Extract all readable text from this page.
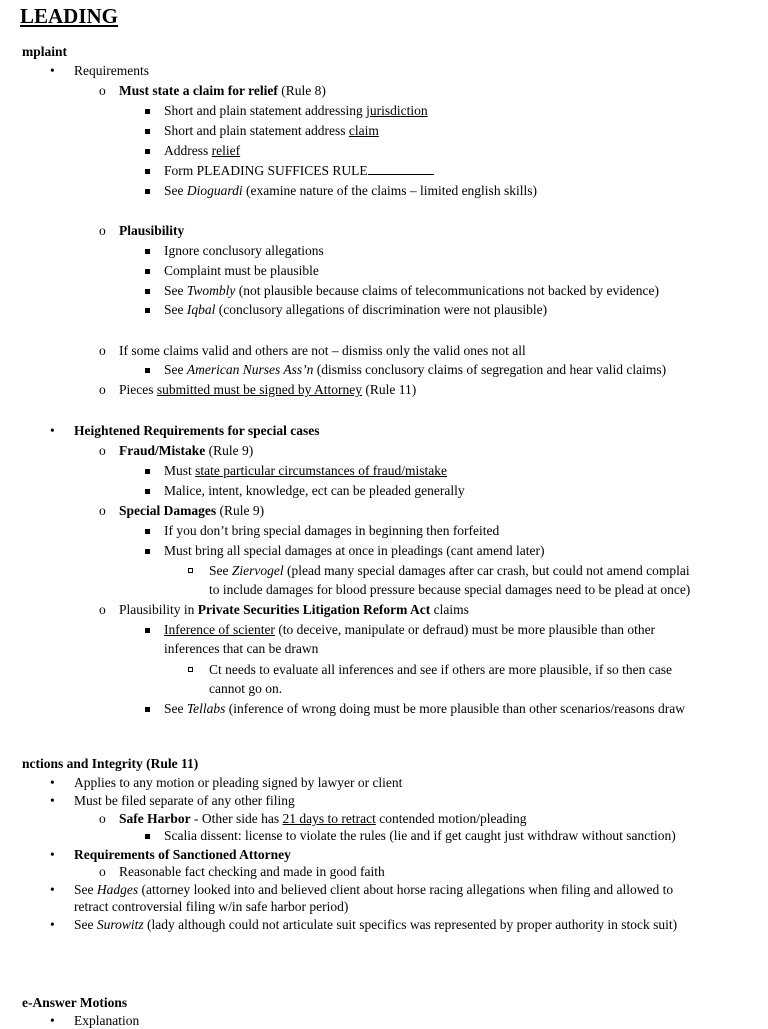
LEADING
mplaint
• Requirements
o Must state a claim for relief (Rule 8)
Short and plain statement addressing jurisdiction
Short and plain statement address claim
Address relief
Form PLEADING SUFFICES RULE
See Dioguardi (examine nature of the claims – limited english skills)
o Plausibility
Ignore conclusory allegations
Complaint must be plausible
See Twombly (not plausible because claims of telecommunications not backed by evidence)
See Iqbal (conclusory allegations of discrimination were not plausible)
o If some claims valid and others are not – dismiss only the valid ones not all
See American Nurses Ass’n (dismiss conclusory claims of segregation and hear valid claims)
o Pieces submitted must be signed by Attorney (Rule 11)
• Heightened Requirements for special cases
o Fraud/Mistake (Rule 9)
Must state particular circumstances of fraud/mistake
Malice, intent, knowledge, ect can be pleaded generally
o Special Damages (Rule 9)
If you don’t bring special damages in beginning then forfeited
Must bring all special damages at once in pleadings (cant amend later)
See Ziervogel (plead many special damages after car crash, but could not amend complai
to include damages for blood pressure because special damages need to be plead at once)
o Plausibility in Private Securities Litigation Reform Act claims
Inference of scienter (to deceive, manipulate or defraud) must be more plausible than other
inferences that can be drawn
Ct needs to evaluate all inferences and see if others are more plausible, if so then case
cannot go on.
See Tellabs (inference of wrong doing must be more plausible than other scenarios/reasons draw
nctions and Integrity (Rule 11)
• Applies to any motion or pleading signed by lawyer or client
• Must be filed separate of any other filing
o Safe Harbor - Other side has 21 days to retract contended motion/pleading
Scalia dissent: license to violate the rules (lie and if get caught just withdraw without sanction)
• Requirements of Sanctioned Attorney
o Reasonable fact checking and made in good faith
• See Hadges (attorney looked into and believed client about horse racing allegations when filing and allowed to
retract controversial filing w/in safe harbor period)
• See Surowitz (lady although could not articulate suit specifics was represented by proper authority in stock suit)
e-Answer Motions
• Explanation
